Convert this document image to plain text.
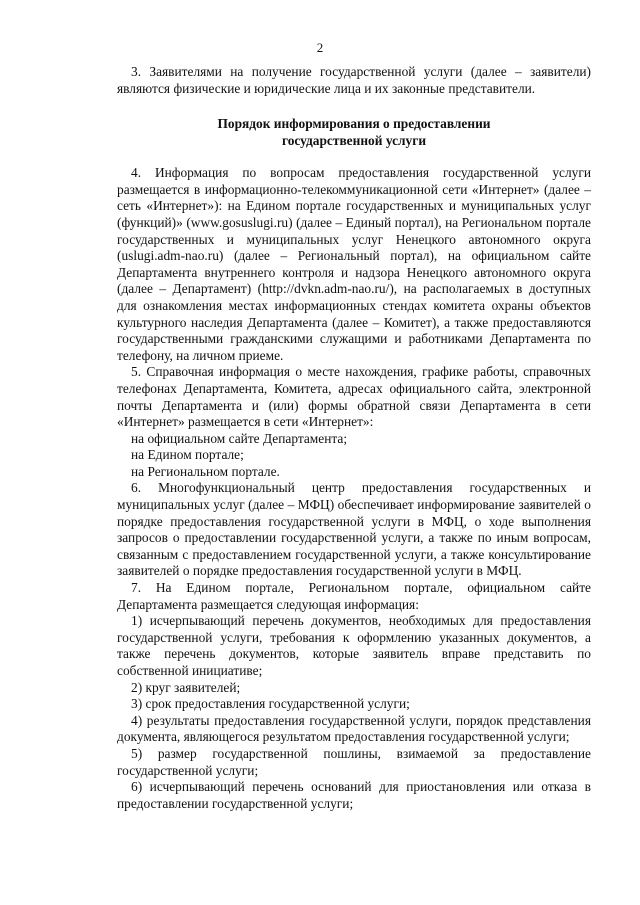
2

3. Заявителями на получение государственной услуги (далее – заявители) являются физические и юридические лица и их законные представители.

Порядок информирования о предоставлении
государственной услуги

4. Информация по вопросам предоставления государственной услуги размещается в информационно-телекоммуникационной сети «Интернет» (далее – сеть «Интернет»): на Едином портале государственных и муниципальных услуг (функций)» (www.gosuslugi.ru) (далее – Единый портал), на Региональном портале государственных и муниципальных услуг Ненецкого автономного округа (uslugi.adm-nao.ru) (далее – Региональный портал), на официальном сайте Департамента внутреннего контроля и надзора Ненецкого автономного округа (далее – Департамент) (http://dvkn.adm-nao.ru/), на располагаемых в доступных для ознакомления местах информационных стендах комитета охраны объектов культурного наследия Департамента (далее – Комитет), а также предоставляются государственными гражданскими служащими и работниками Департамента по телефону, на личном приеме.

5. Справочная информация о месте нахождения, графике работы, справочных телефонах Департамента, Комитета, адресах официального сайта, электронной почты Департамента и (или) формы обратной связи Департамента в сети «Интернет» размещается в сети «Интернет»:

на официальном сайте Департамента;

на Едином портале;

на Региональном портале.

6. Многофункциональный центр предоставления государственных и муниципальных услуг (далее – МФЦ) обеспечивает информирование заявителей о порядке предоставления государственной услуги в МФЦ, о ходе выполнения запросов о предоставлении государственной услуги, а также по иным вопросам, связанным с предоставлением государственной услуги, а также консультирование заявителей о порядке предоставления государственной услуги в МФЦ.

7. На Едином портале, Региональном портале, официальном сайте Департамента размещается следующая информация:

1) исчерпывающий перечень документов, необходимых для предоставления государственной услуги, требования к оформлению указанных документов, а также перечень документов, которые заявитель вправе представить по собственной инициативе;

2) круг заявителей;

3) срок предоставления государственной услуги;

4) результаты предоставления государственной услуги, порядок представления документа, являющегося результатом предоставления государственной услуги;

5) размер государственной пошлины, взимаемой за предоставление государственной услуги;

6) исчерпывающий перечень оснований для приостановления или отказа в предоставлении государственной услуги;
